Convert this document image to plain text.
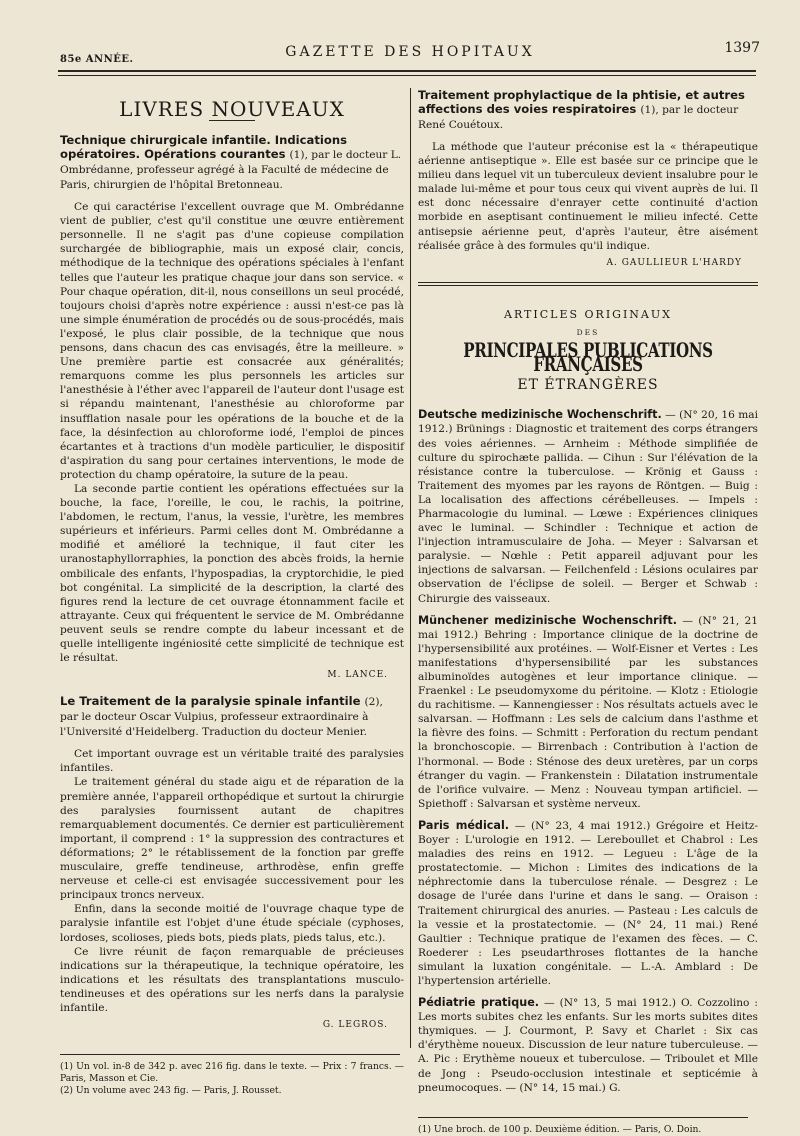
85e ANNÉE.	GAZETTE DES HOPITAUX	1397
LIVRES NOUVEAUX
Technique chirurgicale infantile. Indications opératoires. Opérations courantes (1), par le docteur L. Ombrédanne, professeur agrégé à la Faculté de médecine de Paris, chirurgien de l'hôpital Bretonneau.

Ce qui caractérise l'excellent ouvrage que M. Ombrédanne vient de publier, c'est qu'il constitue une œuvre entièrement personnelle. Il ne s'agit pas d'une copieuse compilation surchargée de bibliographie, mais un exposé clair, concis, méthodique de la technique des opérations spéciales à l'enfant telles que l'auteur les pratique chaque jour dans son service. « Pour chaque opération, dit-il, nous conseillons un seul procédé, toujours choisi d'après notre expérience : aussi n'est-ce pas là une simple énumération de procédés ou de sous-procédés, mais l'exposé, le plus clair possible, de la technique que nous pensons, dans chacun des cas envisagés, être la meilleure. » Une première partie est consacrée aux généralités; remarquons comme les plus personnels les articles sur l'anesthésie à l'éther avec l'appareil de l'auteur dont l'usage est si répandu maintenant, l'anesthésie au chloroforme par insufflation nasale pour les opérations de la bouche et de la face, la désinfection au chloroforme iodé, l'emploi de pinces écartantes et à tractions d'un modèle particulier, le dispositif d'aspiration du sang pour certaines interventions, le mode de protection du champ opératoire, la suture de la peau.

La seconde partie contient les opérations effectuées sur la bouche, la face, l'oreille, le cou, le rachis, la poitrine, l'abdomen, le rectum, l'anus, la vessie, l'urètre, les membres supérieurs et inférieurs. Parmi celles dont M. Ombrédanne a modifié et amélioré la technique, il faut citer les uranostaphyllorraphies, la ponction des abcès froids, la hernie ombilicale des enfants, l'hypospadias, la cryptorchidie, le pied bot congénital. La simplicité de la description, la clarté des figures rend la lecture de cet ouvrage étonnamment facile et attrayante. Ceux qui fréquentent le service de M. Ombrédanne peuvent seuls se rendre compte du labeur incessant et de quelle intelligente ingéniosité cette simplicité de technique est le résultat.

M. LANCE.
Le Traitement de la paralysie spinale infantile (2), par le docteur Oscar Vulpius, professeur extraordinaire à l'Université d'Heidelberg. Traduction du docteur Menier.

Cet important ouvrage est un véritable traité des paralysies infantiles.

Le traitement général du stade aigu et de réparation de la première année, l'appareil orthopédique et surtout la chirurgie des paralysies fournissent autant de chapitres remarquablement documentés. Ce dernier est particulièrement important, il comprend : 1° la suppression des contractures et déformations; 2° le rétablissement de la fonction par greffe musculaire, greffe tendineuse, arthrodèse, enfin greffe nerveuse et celle-ci est envisagée successivement pour les principaux troncs nerveux.

Enfin, dans la seconde moitié de l'ouvrage chaque type de paralysie infantile est l'objet d'une étude spéciale (cyphoses, lordoses, scolioses, pieds bots, pieds plats, pieds talus, etc.).

Ce livre réunit de façon remarquable de précieuses indications sur la thérapeutique, la technique opératoire, les indications et les résultats des transplantations musculo-tendineuses et des opérations sur les nerfs dans la paralysie infantile.

G. LEGROS.

(1) Un vol. in-8 de 342 p. avec 216 fig. dans le texte. — Prix : 7 francs. — Paris, Masson et Cie.

(2) Un volume avec 243 fig. — Paris, J. Rousset.

Traitement prophylactique de la phtisie, et autres affections des voies respiratoires (1), par le docteur René Couétoux.

La méthode que l'auteur préconise est la « thérapeutique aérienne antiseptique ». Elle est basée sur ce principe que le milieu dans lequel vit un tuberculeux devient insalubre pour le malade lui-même et pour tous ceux qui vivent auprès de lui. Il est donc nécessaire d'enrayer cette continuité d'action morbide en aseptisant continuement le milieu infecté. Cette antisepsie aérienne peut, d'après l'auteur, être aisément réalisée grâce à des formules qu'il indique.

A. GAULLIEUR L'HARDY
ARTICLES ORIGINAUX
DES
PRINCIPALES PUBLICATIONS FRANÇAISES
ET ÉTRANGÈRES
Deutsche medizinische Wochenschrift. — (N° 20, 16 mai 1912.) Brünings : Diagnostic et traitement des corps étrangers des voies aériennes. — Arnheim : Méthode simplifiée de culture du spirochæte pallida. — Cihun : Sur l'élévation de la résistance contre la tuberculose. — Krönig et Gauss : Traitement des myomes par les rayons de Röntgen. — Buig : La localisation des affections cérébelleuses. — Impels : Pharmacologie du luminal. — Lœwe : Expériences cliniques avec le luminal. — Schindler : Technique et action de l'injection intramusculaire de Joha. — Meyer : Salvarsan et paralysie. — Nœhle : Petit appareil adjuvant pour les injections de salvarsan. — Feilchenfeld : Lésions oculaires par observation de l'éclipse de soleil. — Berger et Schwab : Chirurgie des vaisseaux.
Münchener medizinische Wochenschrift. — (N° 21, 21 mai 1912.) Behring : Importance clinique de la doctrine de l'hypersensibilité aux protéines. — Wolf-Eisner et Vertes : Les manifestations d'hypersensibilité par les substances albuminoïdes autogènes et leur importance clinique. — Fraenkel : Le pseudomyxome du péritoine. — Klotz : Etiologie du rachitisme. — Kannengiesser : Nos résultats actuels avec le salvarsan. — Hoffmann : Les sels de calcium dans l'asthme et la fièvre des foins. — Schmitt : Perforation du rectum pendant la bronchoscopie. — Birrenbach : Contribution à l'action de l'hormonal. — Bode : Sténose des deux uretères, par un corps étranger du vagin. — Frankenstein : Dilatation instrumentale de l'orifice vulvaire. — Menz : Nouveau tympan artificiel. — Spiethoff : Salvarsan et système nerveux.
Paris médical. — (N° 23, 4 mai 1912.) Grégoire et Heitz-Boyer : L'urologie en 1912. — Lereboullet et Chabrol : Les maladies des reins en 1912. — Legueu : L'âge de la prostatectomie. — Michon : Limites des indications de la néphrectomie dans la tuberculose rénale. — Desgrez : Le dosage de l'urée dans l'urine et dans le sang. — Oraison : Traitement chirurgical des anuries. — Pasteau : Les calculs de la vessie et la prostatectomie. — (N° 24, 11 mai.) René Gaultier : Technique pratique de l'examen des fèces. — C. Roederer : Les pseudarthroses flottantes de la hanche simulant la luxation congénitale. — L.-A. Amblard : De l'hypertension artérielle.
Pédiatrie pratique. — (N° 13, 5 mai 1912.) O. Cozzolino : Les morts subites chez les enfants. Sur les morts subites dites thymiques. — J. Courmont, P. Savy et Charlet : Six cas d'érythème noueux. Discussion de leur nature tuberculeuse. — A. Pic : Erythème noueux et tuberculose. — Triboulet et Mlle de Jong : Pseudo-occlusion intestinale et septicémie à pneumocoques. — (N° 14, 15 mai.) G.

(1) Une broch. de 100 p. Deuxième édition. — Paris, O. Doin.
